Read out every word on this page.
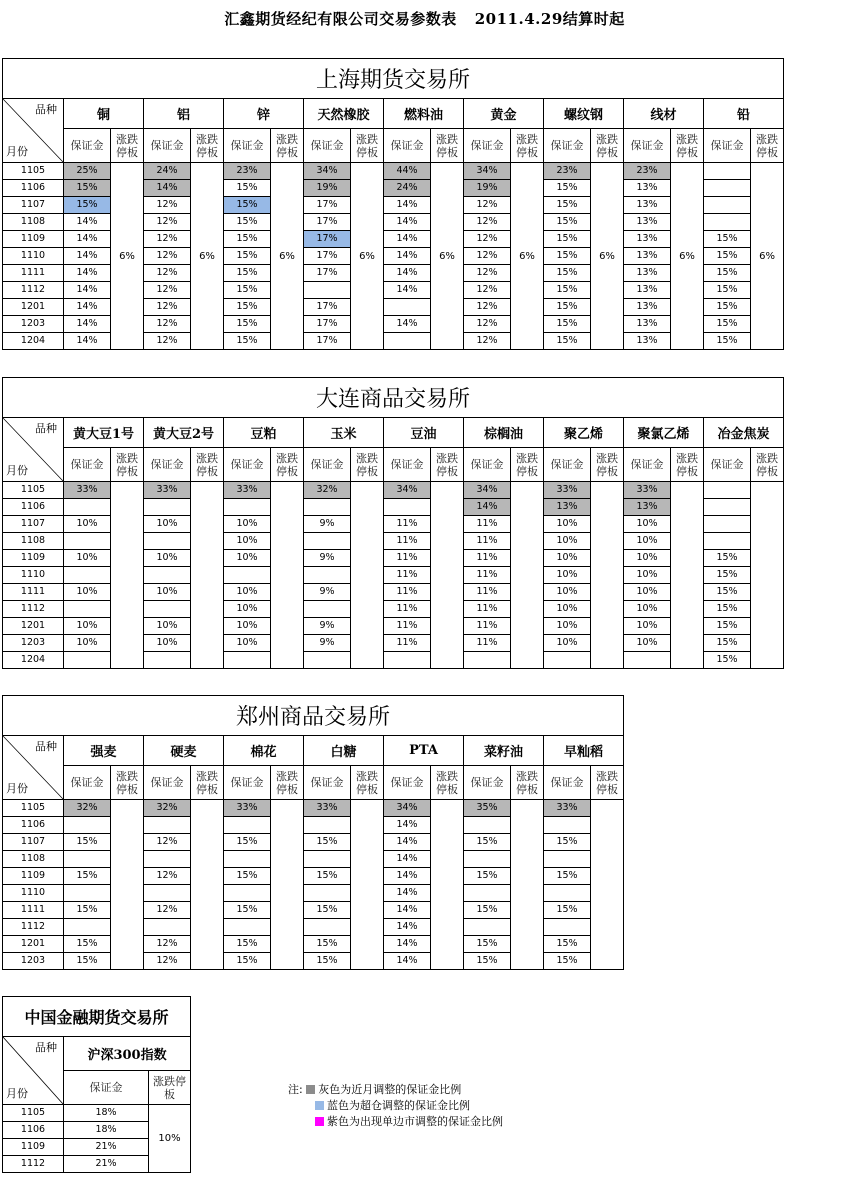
汇鑫期货经纪有限公司交易参数表 2011.4.29结算时起
上海期货交易所																		

品种
月份	铜		铝		锌		天然橡胶		燃料油		黄金		螺纹钢		线材		铅	
	保证金	涨跌停板	保证金	涨跌停板	保证金	涨跌停板	保证金	涨跌停板	保证金	涨跌停板	保证金	涨跌停板	保证金	涨跌停板	保证金	涨跌停板	保证金	涨跌停板
1105	25%	6%	24%	6%	23%	6%	34%	6%	44%	6%	34%	6%	23%	6%	23%	6%		6%
1106	15%		14%		15%		19%		24%		19%		15%		13%			
1107	15%		12%		15%		17%		14%		12%		15%		13%			
1108	14%		12%		15%		17%		14%		12%		15%		13%			
1109	14%		12%		15%		17%		14%		12%		15%		13%		15%	
1110	14%		12%		15%		17%		14%		12%		15%		13%		15%	
1111	14%		12%		15%		17%		14%		12%		15%		13%		15%	
1112	14%		12%		15%				14%		12%		15%		13%		15%	
1201	14%		12%		15%		17%				12%		15%		13%		15%	
1203	14%		12%		15%		17%		14%		12%		15%		13%		15%	
1204	14%		12%		15%		17%				12%		15%		13%		15%	
大连商品交易所																		

品种
月份	黄大豆1号		黄大豆2号		豆粕		玉米		豆油		棕榈油		聚乙烯		聚氯乙烯		冶金焦炭	
	保证金	涨跌停板	保证金	涨跌停板	保证金	涨跌停板	保证金	涨跌停板	保证金	涨跌停板	保证金	涨跌停板	保证金	涨跌停板	保证金	涨跌停板	保证金	涨跌停板
1105	33%		33%		33%		32%		34%		34%		33%		33%			
1106											14%		13%		13%			
1107	10%		10%		10%		9%		11%		11%		10%		10%			
1108					10%				11%		11%		10%		10%			
1109	10%		10%		10%		9%		11%		11%		10%		10%		15%	
1110									11%		11%		10%		10%		15%	
1111	10%		10%		10%		9%		11%		11%		10%		10%		15%	
1112					10%				11%		11%		10%		10%		15%	
1201	10%		10%		10%		9%		11%		11%		10%		10%		15%	
1203	10%		10%		10%		9%		11%		11%		10%		10%		15%	
1204																	15%	
郑州商品交易所														

品种
月份	强麦		硬麦		棉花		白糖		PTA		菜籽油		早籼稻	
	保证金	涨跌停板	保证金	涨跌停板	保证金	涨跌停板	保证金	涨跌停板	保证金	涨跌停板	保证金	涨跌停板	保证金	涨跌停板
1105	32%		32%		33%		33%		34%		35%		33%	
1106									14%					
1107	15%		12%		15%		15%		14%		15%		15%	
1108									14%					
1109	15%		12%		15%		15%		14%		15%		15%	
1110									14%					
1111	15%		12%		15%		15%		14%		15%		15%	
1112									14%					
1201	15%		12%		15%		15%		14%		15%		15%	
1203	15%		12%		15%		15%		14%		15%		15%	
中国金融期货交易所		

品种
月份	沪深300指数	
	保证金	涨跌停板
1105	18%	10%
1106	18%	
1109	21%	
1112	21%	
注: 灰色为近月调整的保证金比例
蓝色为超仓调整的保证金比例
紫色为出现单边市调整的保证金比例
